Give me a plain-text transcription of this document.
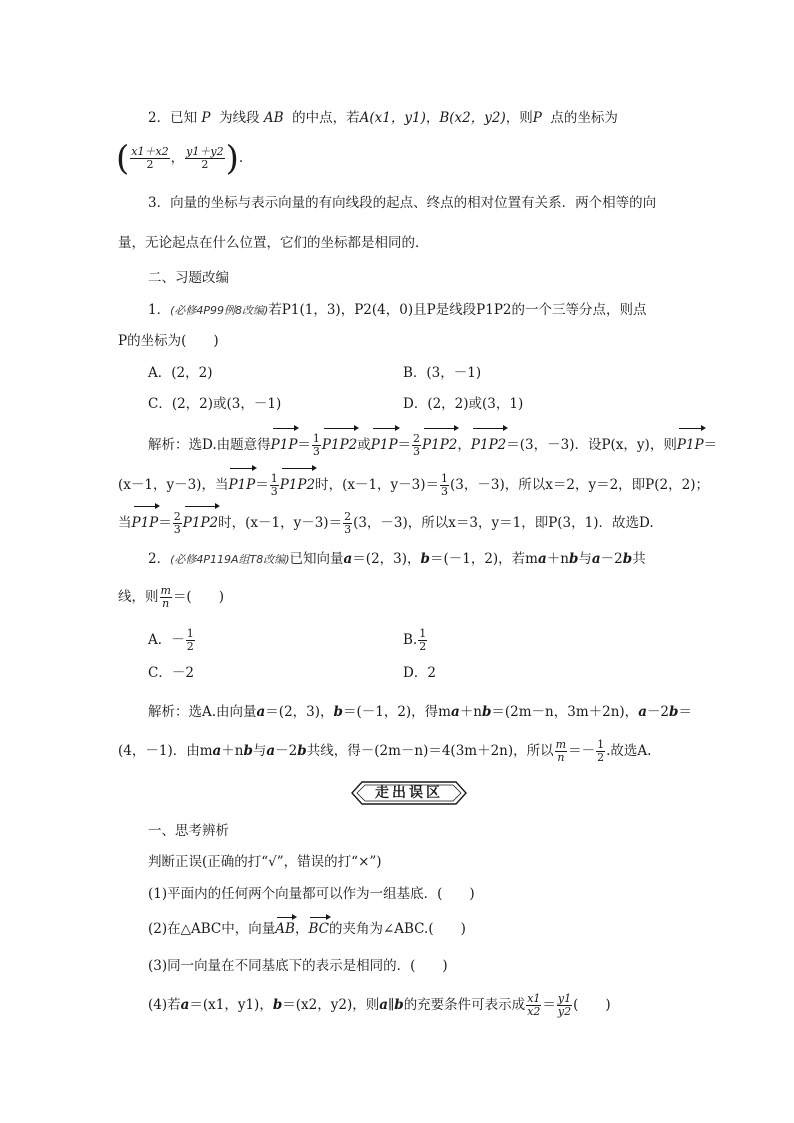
2．已知 P 为线段 AB 的中点，若A(x1，y1)，B(x2，y2)，则P 点的坐标为
( $\frac{x1+x2}{2}$ ， $\frac{y1+y2}{2}$ ).
3．向量的坐标与表示向量的有向线段的起点、终点的相对位置有关系．两个相等的向
量，无论起点在什么位置，它们的坐标都是相同的．
二、习题改编
1．(必修4P99例8改编)若P1(1，3)，P2(4，0)且P是线段P1P2的一个三等分点，则点
P的坐标为(　　)
A．(2，2)	B．(3，－1)
C．(2，2)或(3，－1)	D．(2，2)或(3，1)
解析：选D.由题意得$P1P= \frac{1}{3} P1P2$或$P1P= \frac{2}{3} P1P2$，P1P2＝(3，－3)．设P(x，y)，则P1P＝
(x－1，y－3)，当$P1P= \frac{1}{3} P1P2$时，(x－1，$y-3)= \frac{1}{3} (3$，－3)，所以x＝2，y＝2，即P(2，2)；
当$P1P= \frac{2}{3} P1P2$时，(x－1，$y-3)= \frac{2}{3} (3$，－3)，所以x＝3，y＝1，即P(3，1)．故选D.
2．(必修4P119A组T8改编)已知向量a＝(2，3)，b＝(－1，2)，若ma＋nb与a－2b共
线，则 $\frac{m}{n}$ ＝(　　)
A．－ $\frac{1}{2}$	B. $\frac{1}{2}$
C．－2	D．2
解析：选A.由向量a＝(2，3)，b＝(－1，2)，得ma＋nb＝(2m－n，3m＋2n)，a－2b＝
(4，－1)．由ma＋nb与a－2b共线，得－(2m－n)＝4(3m＋2n)，所以 $\frac{m}{n} =- \frac{1}{2}$ .故选A.
走出误区
一、思考辨析
判断正误(正确的打“√”，错误的打“×”)
(1)平面内的任何两个向量都可以作为一组基底．(　　)
(2)在△ABC中，向量AB，BC的夹角为∠ABC.(　　)
(3)同一向量在不同基底下的表示是相同的．(　　)
(4)若a＝(x1，y1)，b＝(x2，y2)，则a∥b的充要条件可表示成 $\frac{x1}{x2} = \frac{y1}{y2}$ (　　)
